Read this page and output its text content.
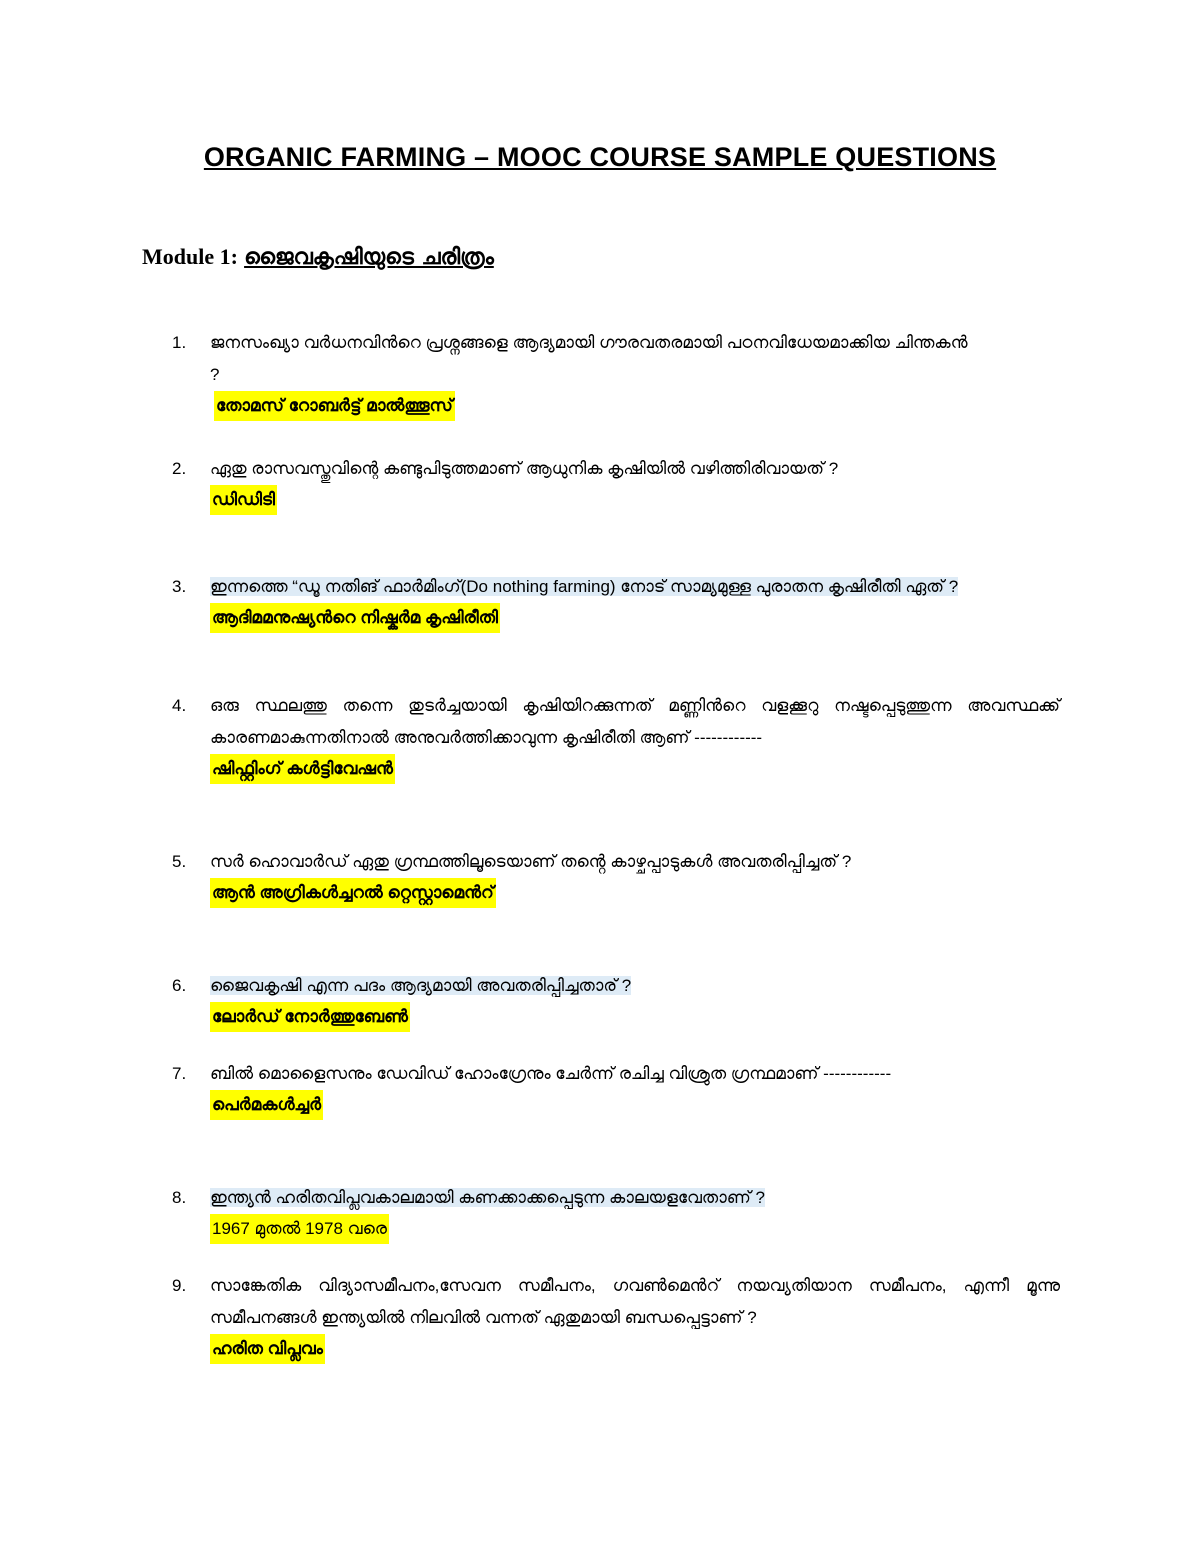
ORGANIC FARMING – MOOC COURSE SAMPLE QUESTIONS
Module 1: ജൈവകൃഷിയുടെ ചരിത്രം
1.	ജനസംഖ്യാ വർധനവിൻറെ പ്രശ്നങ്ങളെ ആദ്യമായി ഗൗരവതരമായി പഠനവിധേയമാക്കിയ ചിന്തകൻ ?

തോമസ് റോബർട്ട് മാൽത്തൂസ്
2.	ഏതു രാസവസ്തുവിന്റെ കണ്ടുപിടുത്തമാണ് ആധുനിക കൃഷിയിൽ വഴിത്തിരിവായത് ?

ഡിഡിടി
3.	ഇന്നത്തെ “ഡൂ നതിങ് ഫാർമിംഗ്(Do nothing farming) നോട് സാമ്യമുള്ള പുരാതന കൃഷിരീതി ഏത് ?

ആദിമമനുഷ്യൻറെ നിഷ്കർമ കൃഷിരീതി
4.	ഒരു സ്ഥലത്തു തന്നെ തുടർച്ചയായി കൃഷിയിറക്കുന്നത് മണ്ണിൻറെ വളക്കൂറു നഷ്ടപ്പെടുത്തുന്ന അവസ്ഥക്ക് കാരണമാകുന്നതിനാൽ അനുവർത്തിക്കാവുന്ന കൃഷിരീതി ആണ് ------------

ഷിഫ്റ്റിംഗ് കൾട്ടിവേഷൻ
5.	സർ ഹൊവാർഡ് ഏതു ഗ്രന്ഥത്തിലൂടെയാണ് തൻ്റെ കാഴ്ചപ്പാടുകൾ അവതരിപ്പിച്ചത് ?

ആൻ അഗ്രികൾച്ചറൽ റ്റെസ്റ്റാമെൻറ്
6.	ജൈവകൃഷി എന്ന പദം ആദ്യമായി അവതരിപ്പിച്ചതാര് ?

ലോർഡ് നോർത്തുബേൺ
7.	ബിൽ മൊളൈസനും ഡേവിഡ് ഹോംഗ്രേനും ചേർന്ന് രചിച്ച വിശ്രുത ഗ്രന്ഥമാണ് ------------

പെർമകൾച്ചർ
8.	ഇന്ത്യൻ ഹരിതവിപ്ലവകാലമായി കണക്കാക്കപ്പെടുന്ന കാലയളവേതാണ് ?

1967 മുതൽ 1978 വരെ
9.	സാങ്കേതിക വിദ്യാസമീപനം,സേവന സമീപനം, ഗവൺമെൻറ് നയവ്യതിയാന സമീപനം, എന്നീ മൂന്നു സമീപനങ്ങൾ ഇന്ത്യയിൽ നിലവിൽ വന്നത് ഏതുമായി ബന്ധപ്പെട്ടാണ് ?

ഹരിത വിപ്ലവം
